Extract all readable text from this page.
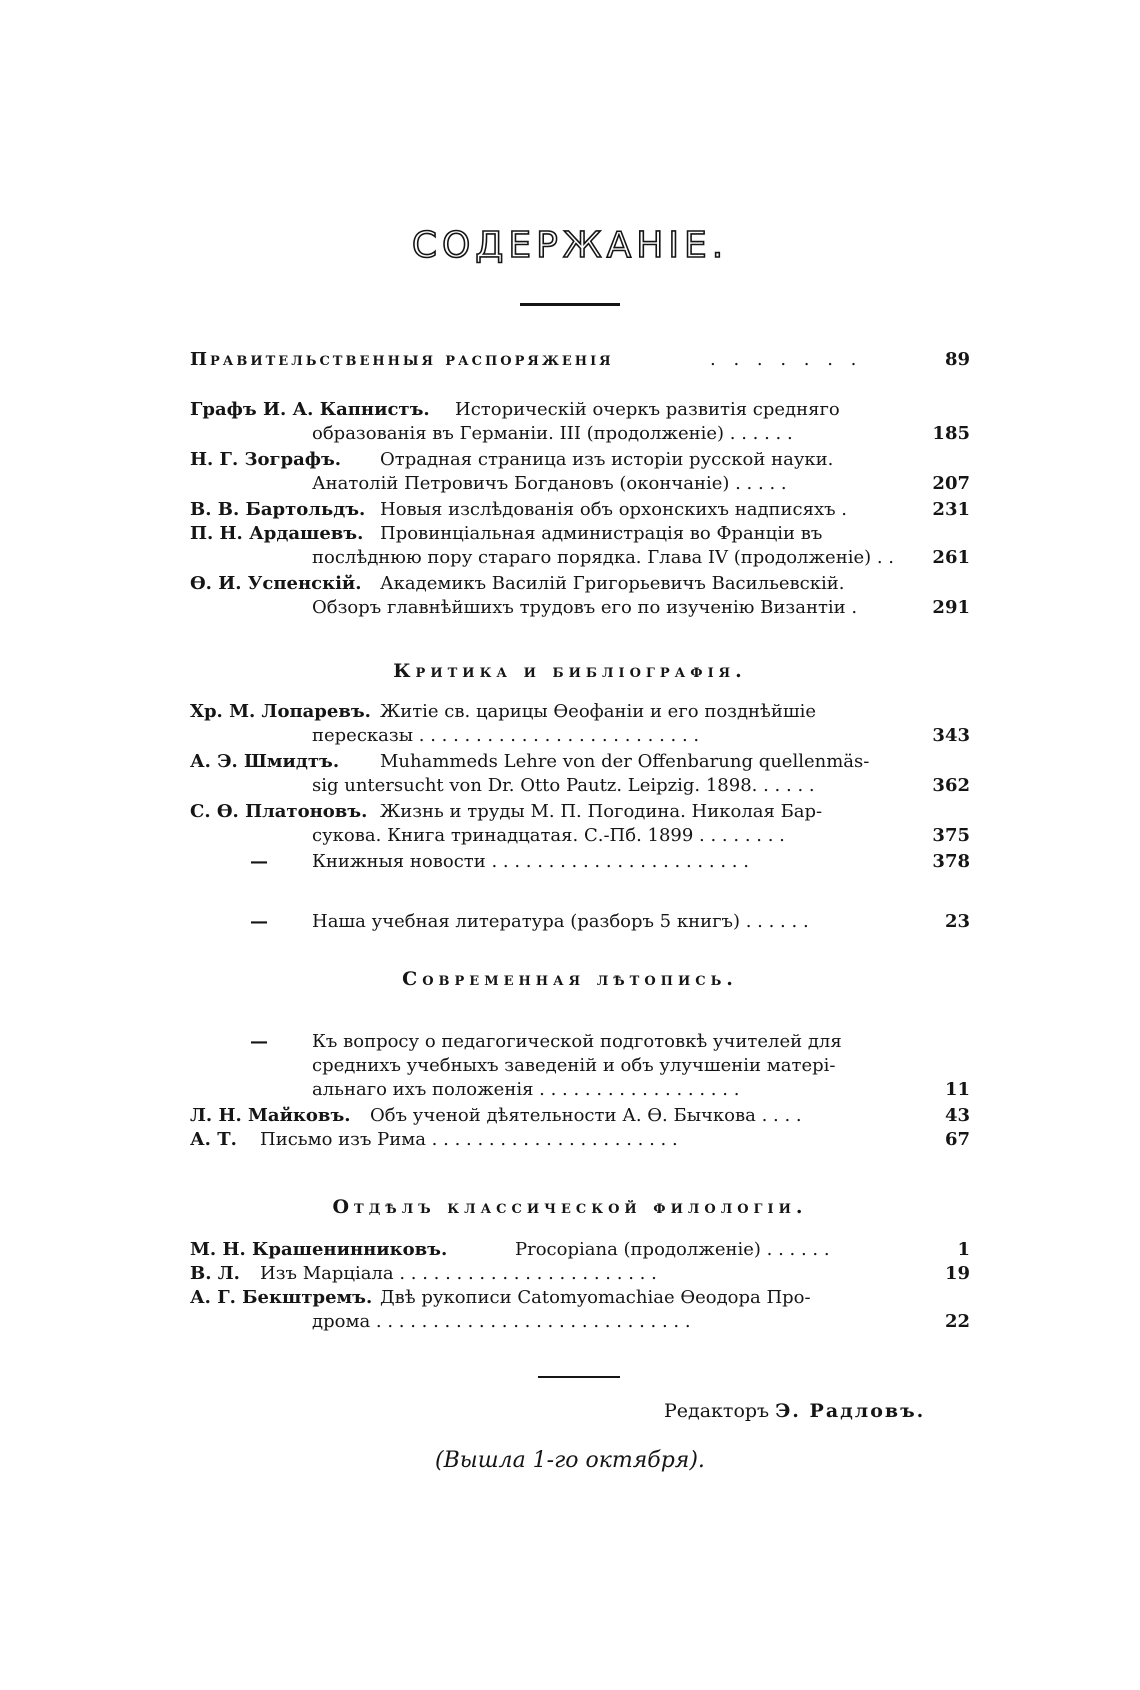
СОДЕРЖАНІЕ.
Правительственныя распоряженія	. . . . . . .	89
Графъ И. А. Капнистъ. Историческій очеркъ развитія средняго
образованія въ Германіи. III (продолженіе) . . . . . .	185
Н. Г. Зографъ. Отрадная страница изъ исторіи русской науки.
Анатолій Петровичъ Богдановъ (окончаніе) . . . . .	207
В. В. Бартольдъ. Новыя изслѣдованія объ орхонскихъ надписяхъ .	231
П. Н. Ардашевъ. Провинціальная администрація во Франціи въ
послѣднюю пору стараго порядка. Глава IV (продолженіе) . . 261
Ѳ. И. Успенскій. Академикъ Василій Григорьевичъ Васильевскій.
Обзоръ главнѣйшихъ трудовъ его по изученію Византіи .	291
Критика и библіографія.
Хр. М. Лопаревъ. Житіе св. царицы Ѳеофаніи и его позднѣйшіе
пересказы . . . . . . . . . . . . . . . . . . . . . . . . .	343
А. Э. Шмидтъ. Muhammeds Lehre von der Offenbarung quellenmäs-
sig untersucht von Dr. Otto Pautz. Leipzig. 1898. . . . . .	362
С. Ѳ. Платоновъ. Жизнь и труды М. П. Погодина. Николая Бар-
сукова. Книга тринадцатая. С.-Пб. 1899 . . . . . . . .	375
— Книжныя новости . . . . . . . . . . . . . . . . . . . . . . .	378
— Наша учебная литература (разборъ 5 книгъ) . . . . . .	23
Современная лѣтопись.
— Къ вопросу о педагогической подготовкѣ учителей для
среднихъ учебныхъ заведеній и объ улучшеніи матері-
альнаго ихъ положенія . . . . . . . . . . . . . . . . . .	11
Л. Н. Майковъ. Объ ученой дѣятельности А. Ѳ. Бычкова . . . .	43
А. Т. Письмо изъ Рима . . . . . . . . . . . . . . . . . . . . . .	67
Отдѣлъ классической филологіи.
М. Н. Крашенинниковъ.	Procopiana (продолженіе) . . . . . .	1
В. Л. Изъ Марціала . . . . . . . . . . . . . . . . . . . . . . .	19
А. Г. Бекштремъ. Двѣ рукописи Catomyomachiae Ѳеодора Про-
дрома . . . . . . . . . . . . . . . . . . . . . . . . . . . .	22
Редакторъ Э. Радловъ.
(Вышла 1-го октября).
